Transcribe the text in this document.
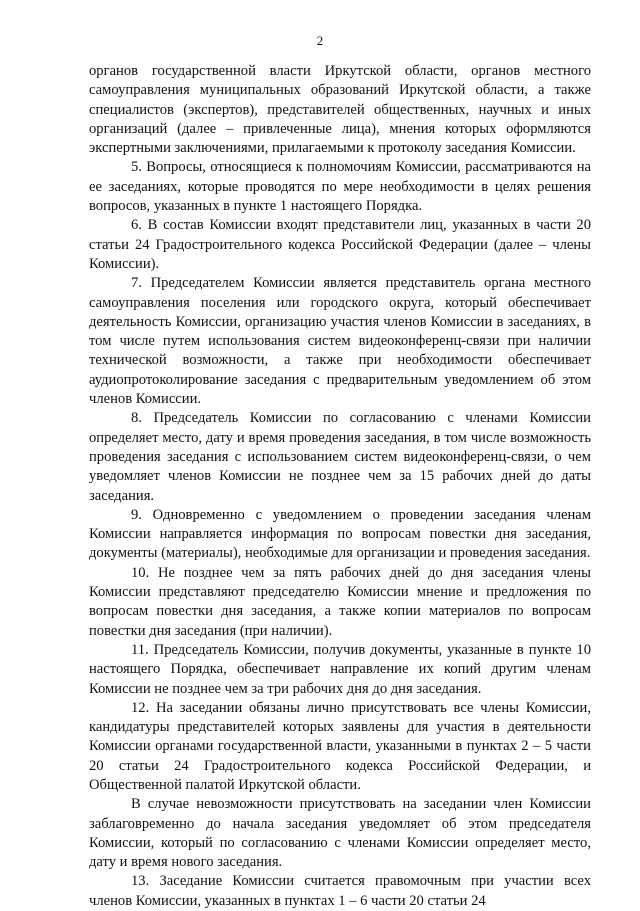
2

органов государственной власти Иркутской области, органов местного самоуправления муниципальных образований Иркутской области, а также специалистов (экспертов), представителей общественных, научных и иных организаций (далее – привлеченные лица), мнения которых оформляются экспертными заключениями, прилагаемыми к протоколу заседания Комиссии.

5. Вопросы, относящиеся к полномочиям Комиссии, рассматриваются на ее заседаниях, которые проводятся по мере необходимости в целях решения вопросов, указанных в пункте 1 настоящего Порядка.

6. В состав Комиссии входят представители лиц, указанных в части 20 статьи 24 Градостроительного кодекса Российской Федерации (далее – члены Комиссии).

7. Председателем Комиссии является представитель органа местного самоуправления поселения или городского округа, который обеспечивает деятельность Комиссии, организацию участия членов Комиссии в заседаниях, в том числе путем использования систем видеоконференц-связи при наличии технической возможности, а также при необходимости обеспечивает аудиопротоколирование заседания с предварительным уведомлением об этом членов Комиссии.

8. Председатель Комиссии по согласованию с членами Комиссии определяет место, дату и время проведения заседания, в том числе возможность проведения заседания с использованием систем видеоконференц-связи, о чем уведомляет членов Комиссии не позднее чем за 15 рабочих дней до даты заседания.

9. Одновременно с уведомлением о проведении заседания членам Комиссии направляется информация по вопросам повестки дня заседания, документы (материалы), необходимые для организации и проведения заседания.

10. Не позднее чем за пять рабочих дней до дня заседания члены Комиссии представляют председателю Комиссии мнение и предложения по вопросам повестки дня заседания, а также копии материалов по вопросам повестки дня заседания (при наличии).

11. Председатель Комиссии, получив документы, указанные в пункте 10 настоящего Порядка, обеспечивает направление их копий другим членам Комиссии не позднее чем за три рабочих дня до дня заседания.

12. На заседании обязаны лично присутствовать все члены Комиссии, кандидатуры представителей которых заявлены для участия в деятельности Комиссии органами государственной власти, указанными в пунктах 2 – 5 части 20 статьи 24 Градостроительного кодекса Российской Федерации, и Общественной палатой Иркутской области.

В случае невозможности присутствовать на заседании член Комиссии заблаговременно до начала заседания уведомляет об этом председателя Комиссии, который по согласованию с членами Комиссии определяет место, дату и время нового заседания.

13. Заседание Комиссии считается правомочным при участии всех членов Комиссии, указанных в пунктах 1 – 6 части 20 статьи 24
